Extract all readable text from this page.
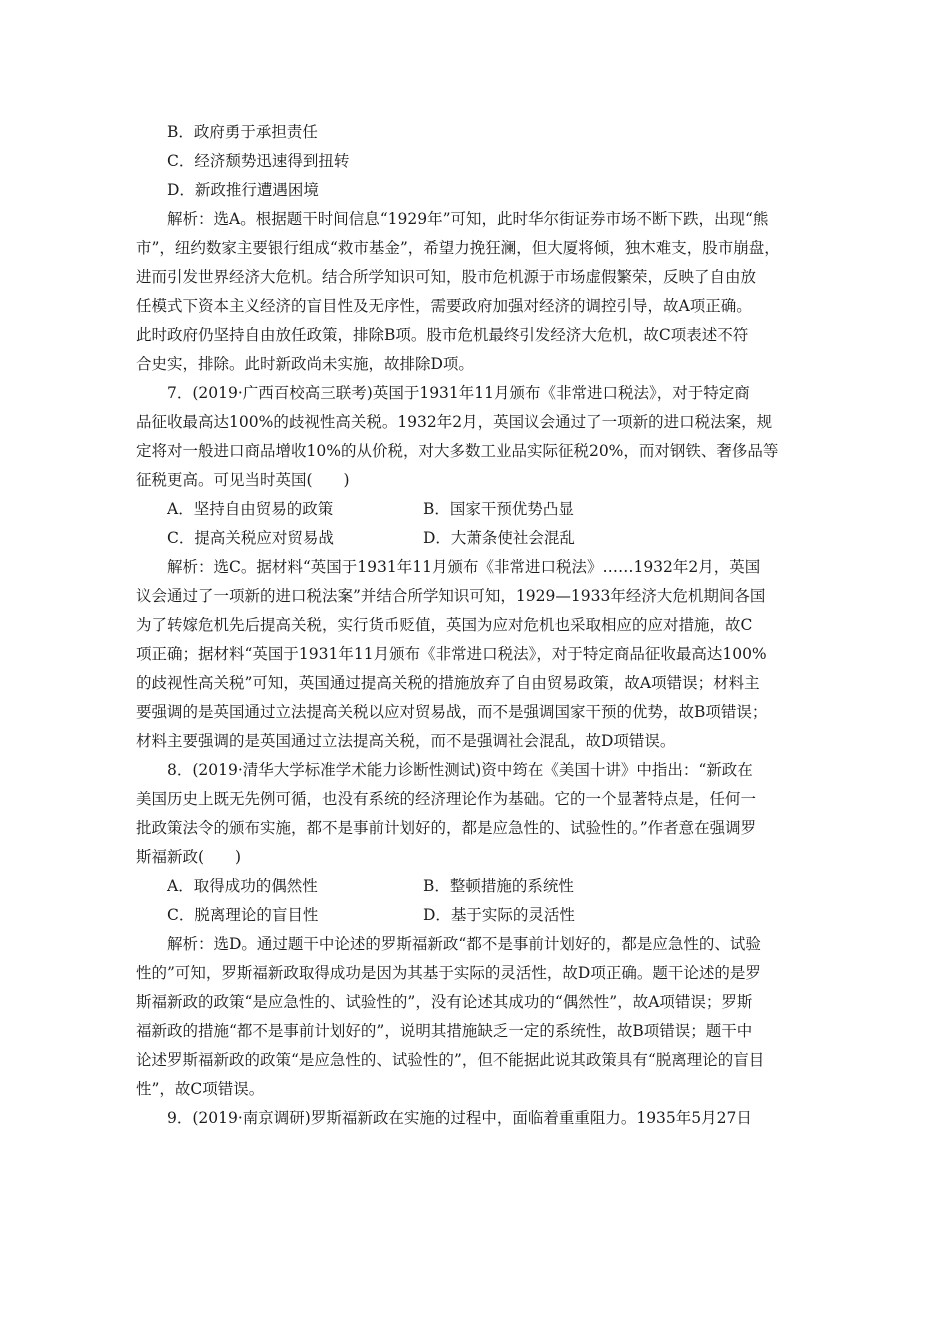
B．政府勇于承担责任
C．经济颓势迅速得到扭转
D．新政推行遭遇困境
解析：选A。根据题干时间信息“1929年”可知，此时华尔街证券市场不断下跌，出现“熊
市”，纽约数家主要银行组成“救市基金”，希望力挽狂澜，但大厦将倾，独木难支，股市崩盘，
进而引发世界经济大危机。结合所学知识可知，股市危机源于市场虚假繁荣，反映了自由放
任模式下资本主义经济的盲目性及无序性，需要政府加强对经济的调控引导，故A项正确。
此时政府仍坚持自由放任政策，排除B项。股市危机最终引发经济大危机，故C项表述不符
合史实，排除。此时新政尚未实施，故排除D项。
7．(2019·广西百校高三联考)英国于1931年11月颁布《非常进口税法》，对于特定商
品征收最高达100%的歧视性高关税。1932年2月，英国议会通过了一项新的进口税法案，规
定将对一般进口商品增收10%的从价税，对大多数工业品实际征税20%，而对钢铁、奢侈品等
征税更高。可见当时英国(　　)
A．坚持自由贸易的政策	B．国家干预优势凸显
C．提高关税应对贸易战	D．大萧条使社会混乱
解析：选C。据材料“英国于1931年11月颁布《非常进口税法》……1932年2月，英国
议会通过了一项新的进口税法案”并结合所学知识可知，1929—1933年经济大危机期间各国
为了转嫁危机先后提高关税，实行货币贬值，英国为应对危机也采取相应的应对措施，故C
项正确；据材料“英国于1931年11月颁布《非常进口税法》，对于特定商品征收最高达100%
的歧视性高关税”可知，英国通过提高关税的措施放弃了自由贸易政策，故A项错误；材料主
要强调的是英国通过立法提高关税以应对贸易战，而不是强调国家干预的优势，故B项错误；
材料主要强调的是英国通过立法提高关税，而不是强调社会混乱，故D项错误。
8．(2019·清华大学标准学术能力诊断性测试)资中筠在《美国十讲》中指出：“新政在
美国历史上既无先例可循，也没有系统的经济理论作为基础。它的一个显著特点是，任何一
批政策法令的颁布实施，都不是事前计划好的，都是应急性的、试验性的。”作者意在强调罗
斯福新政(　　)
A．取得成功的偶然性	B．整顿措施的系统性
C．脱离理论的盲目性	D．基于实际的灵活性
解析：选D。通过题干中论述的罗斯福新政“都不是事前计划好的，都是应急性的、试验
性的”可知，罗斯福新政取得成功是因为其基于实际的灵活性，故D项正确。题干论述的是罗
斯福新政的政策“是应急性的、试验性的”，没有论述其成功的“偶然性”，故A项错误；罗斯
福新政的措施“都不是事前计划好的”，说明其措施缺乏一定的系统性，故B项错误；题干中
论述罗斯福新政的政策“是应急性的、试验性的”，但不能据此说其政策具有“脱离理论的盲目
性”，故C项错误。
9．(2019·南京调研)罗斯福新政在实施的过程中，面临着重重阻力。1935年5月27日
